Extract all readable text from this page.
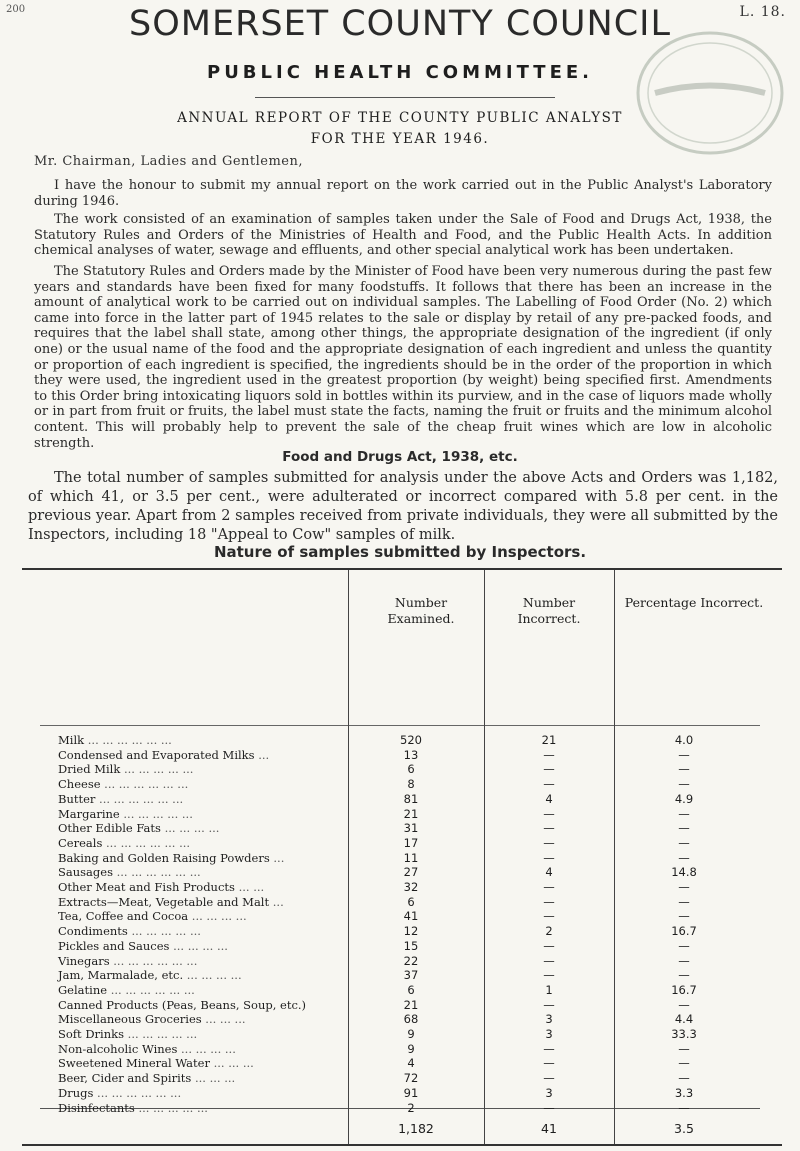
200	L. 18.
SOMERSET COUNTY COUNCIL
PUBLIC HEALTH COMMITTEE.
ANNUAL REPORT OF THE COUNTY PUBLIC ANALYST
FOR THE YEAR 1946.
Mr. Chairman, Ladies and Gentlemen,
I have the honour to submit my annual report on the work carried out in the Public Analyst's Laboratory during 1946.
The work consisted of an examination of samples taken under the Sale of Food and Drugs Act, 1938, the Statutory Rules and Orders of the Ministries of Health and Food, and the Public Health Acts. In addition chemical analyses of water, sewage and effluents, and other special analytical work has been undertaken.
The Statutory Rules and Orders made by the Minister of Food have been very numerous during the past few years and standards have been fixed for many foodstuffs. It follows that there has been an increase in the amount of analytical work to be carried out on individual samples. The Labelling of Food Order (No. 2) which came into force in the latter part of 1945 relates to the sale or display by retail of any pre-packed foods, and requires that the label shall state, among other things, the appropriate designation of the ingredient (if only one) or the usual name of the food and the appropriate designation of each ingredient and unless the quantity or proportion of each ingredient is specified, the ingredients should be in the order of the proportion in which they were used, the ingredient used in the greatest proportion (by weight) being specified first. Amendments to this Order bring intoxicating liquors sold in bottles within its purview, and in the case of liquors made wholly or in part from fruit or fruits, the label must state the facts, naming the fruit or fruits and the minimum alcohol content. This will probably help to prevent the sale of the cheap fruit wines which are low in alcoholic strength.
Food and Drugs Act, 1938, etc.
The total number of samples submitted for analysis under the above Acts and Orders was 1,182, of which 41, or 3.5 per cent., were adulterated or incorrect compared with 5.8 per cent. in the previous year. Apart from 2 samples received from private individuals, they were all submitted by the Inspectors, including 18 "Appeal to Cow" samples of milk.
Nature of samples submitted by Inspectors.
Number Examined.
Number Incorrect.
Percentage Incorrect.
Milk ... ... ... ... ... ...	520	21	4.0
Condensed and Evaporated Milks ...	13	—	—
Dried Milk ... ... ... ... ...	6	—	—
Cheese ... ... ... ... ... ...	8	—	—
Butter ... ... ... ... ... ...	81	4	4.9
Margarine ... ... ... ... ...	21	—	—
Other Edible Fats ... ... ... ...	31	—	—
Cereals ... ... ... ... ... ...	17	—	—
Baking and Golden Raising Powders ...	11	—	—
Sausages ... ... ... ... ... ...	27	4	14.8
Other Meat and Fish Products ... ...	32	—	—
Extracts—Meat, Vegetable and Malt ...	6	—	—
Tea, Coffee and Cocoa ... ... ... ...	41	—	—
Condiments ... ... ... ... ...	12	2	16.7
Pickles and Sauces ... ... ... ...	15	—	—
Vinegars ... ... ... ... ... ...	22	—	—
Jam, Marmalade, etc. ... ... ... ...	37	—	—
Gelatine ... ... ... ... ... ...	6	1	16.7
Canned Products (Peas, Beans, Soup, etc.)	21	—	—
Miscellaneous Groceries ... ... ...	68	3	4.4
Soft Drinks ... ... ... ... ...	9	3	33.3
Non-alcoholic Wines ... ... ... ...	9	—	—
Sweetened Mineral Water ... ... ...	4	—	—
Beer, Cider and Spirits ... ... ...	72	—	—
Drugs ... ... ... ... ... ...	91	3	3.3
Disinfectants ... ... ... ... ...	2	—	—
1,182	41	3.5
